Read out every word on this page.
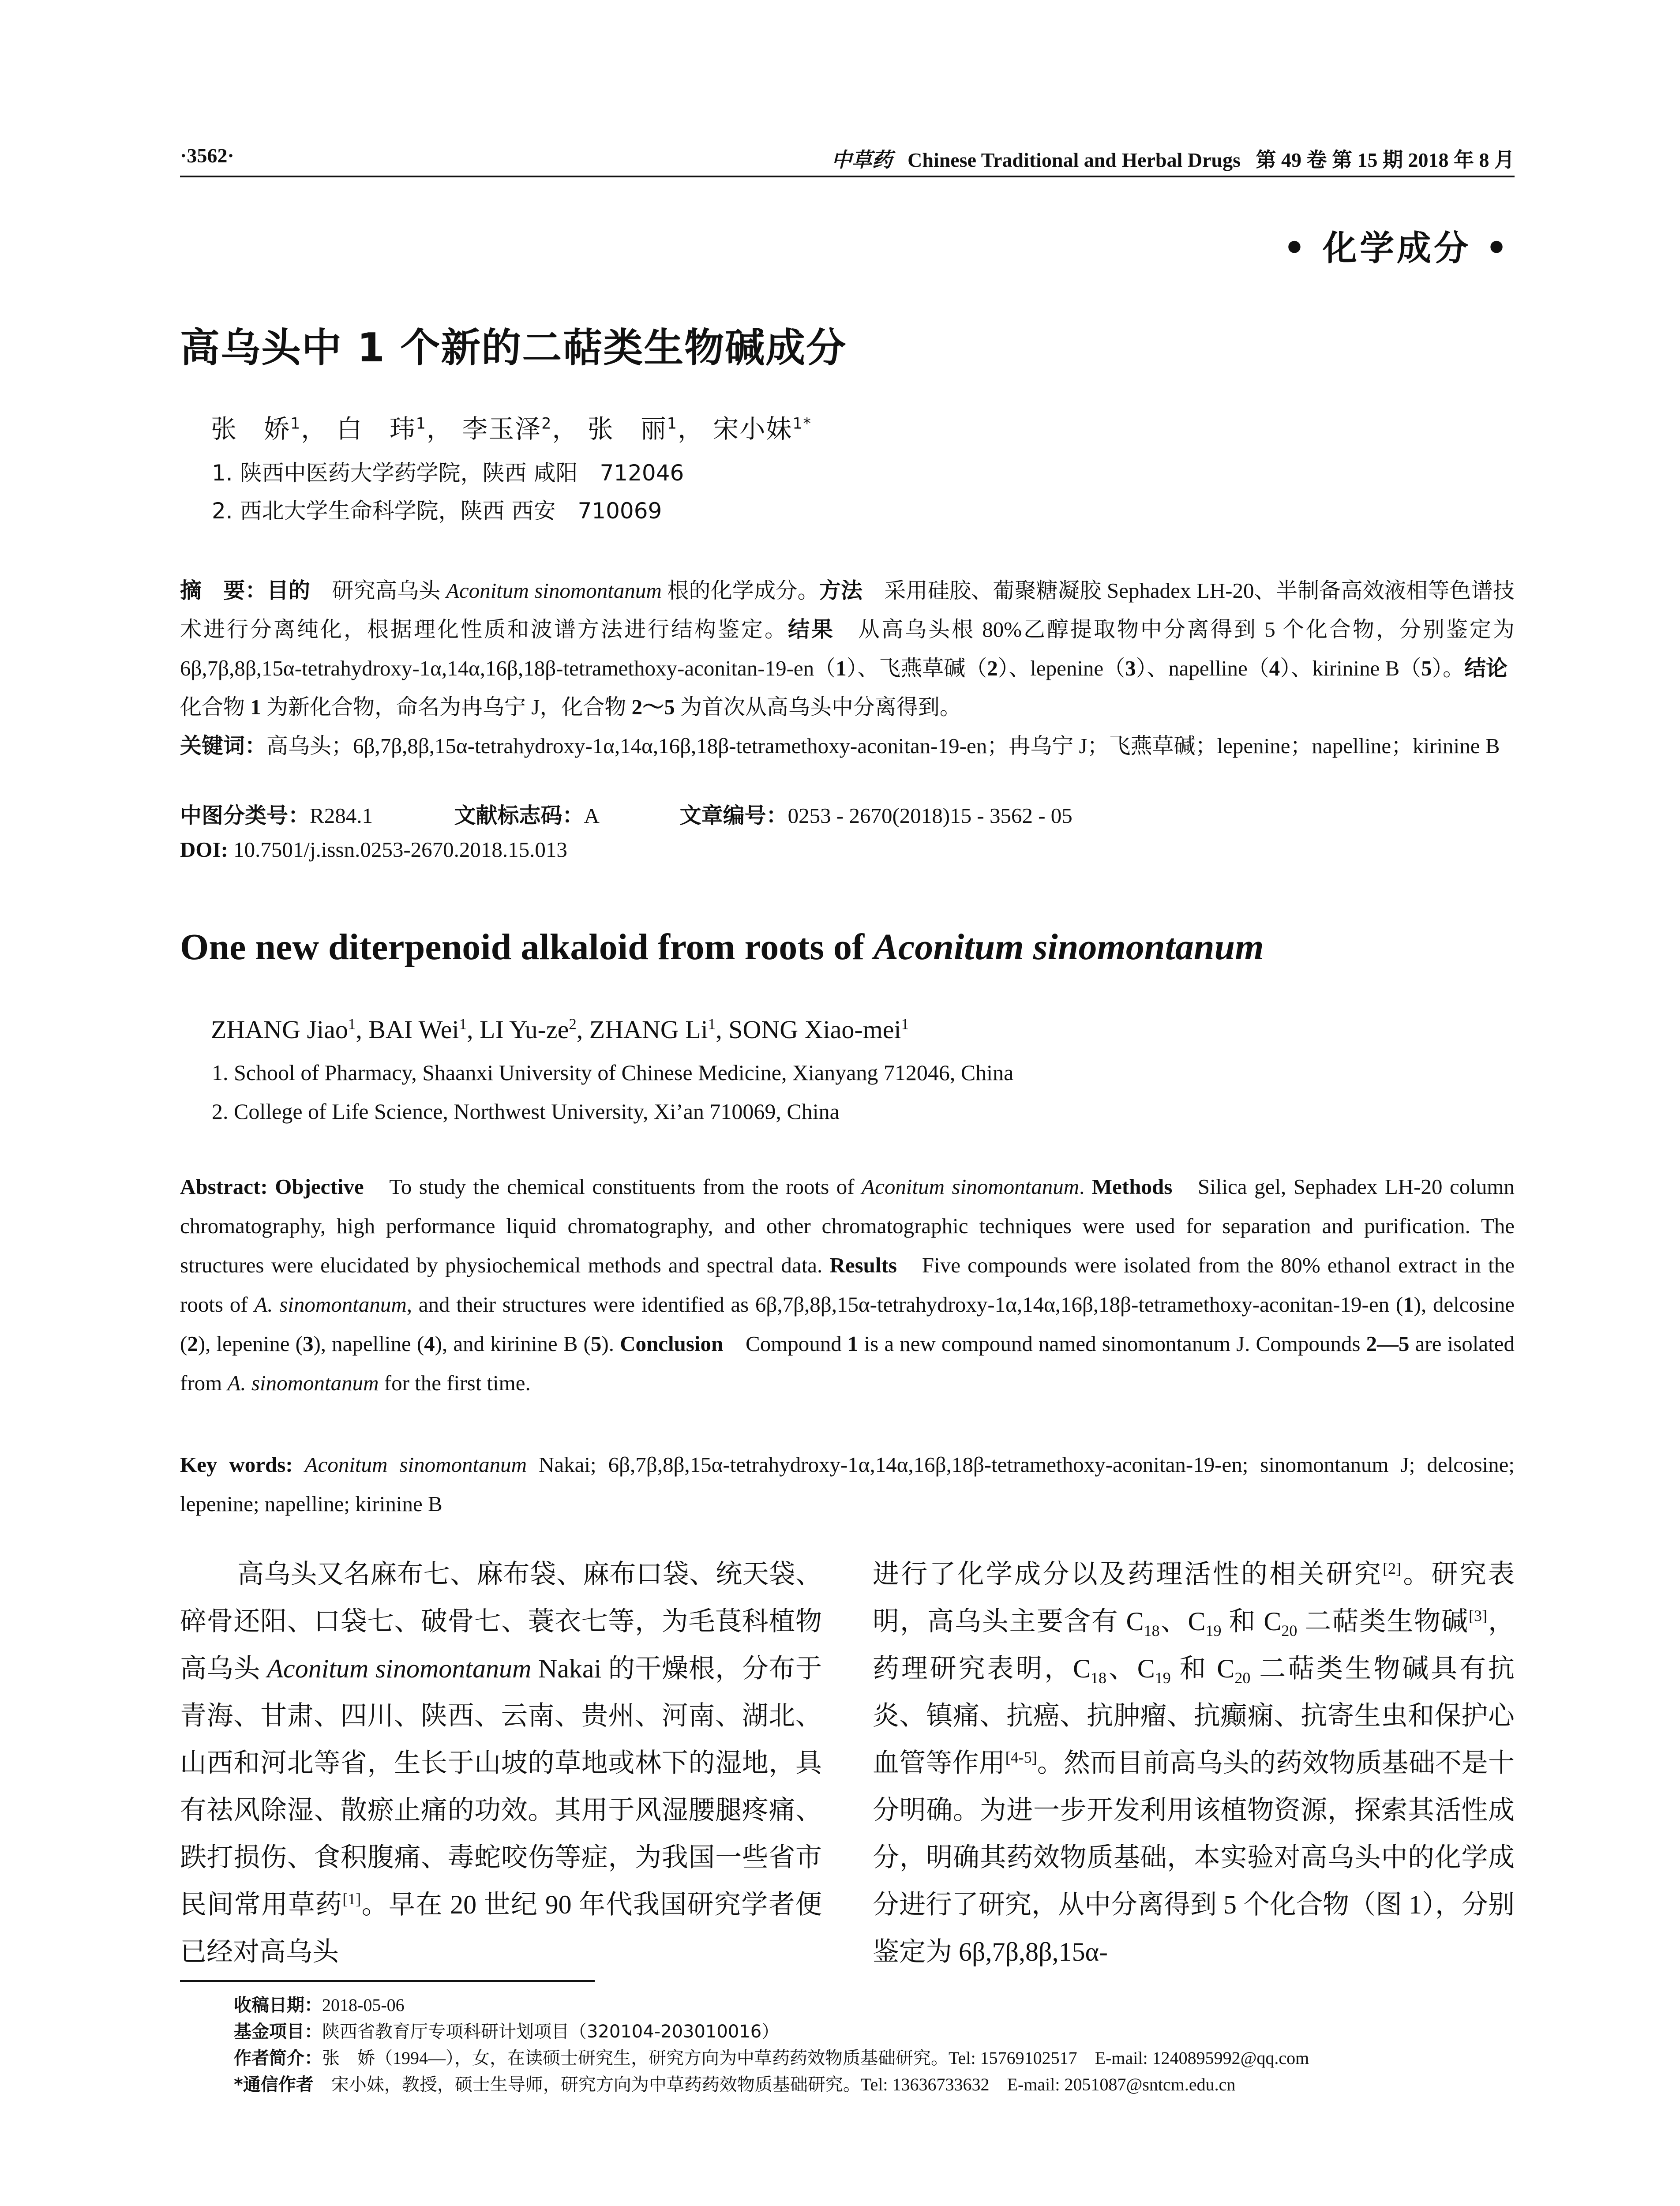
·3562·	中草药 Chinese Traditional and Herbal Drugs 第 49 卷 第 15 期 2018 年 8 月
• 化学成分 •
高乌头中 1 个新的二萜类生物碱成分
张　娇$^1$， 白　玮$^1$， 李玉泽$^2$， 张　丽$^1$， 宋小妹$^{1*}$
1. 陕西中医药大学药学院，陕西 咸阳　712046
2. 西北大学生命科学院，陕西 西安　710069
摘　要：目的　研究高乌头 Aconitum sinomontanum 根的化学成分。方法　采用硅胶、葡聚糖凝胶 Sephadex LH-20、半制备高效液相等色谱技术进行分离纯化，根据理化性质和波谱方法进行结构鉴定。结果　从高乌头根 80%乙醇提取物中分离得到 5 个化合物，分别鉴定为 6β,7β,8β,15α-tetrahydroxy-1α,14α,16β,18β-tetramethoxy-aconitan-19-en（1）、飞燕草碱（2）、lepenine（3）、napelline（4）、kirinine B（5）。结论　化合物 1 为新化合物，命名为冉乌宁 J，化合物 2～5 为首次从高乌头中分离得到。
关键词：高乌头；6β,7β,8β,15α-tetrahydroxy-1α,14α,16β,18β-tetramethoxy-aconitan-19-en；冉乌宁 J；飞燕草碱；lepenine；napelline；kirinine B
中图分类号：R284.1	文献标志码：A	文章编号：0253 - 2670(2018)15 - 3562 - 05
DOI: 10.7501/j.issn.0253-2670.2018.15.013
One new diterpenoid alkaloid from roots of Aconitum sinomontanum
ZHANG Jiao$^1$, BAI Wei$^1$, LI $Yu-ze^2$, ZHANG Li$^1$, SONG Xiao-mei$^1$
1. School of Pharmacy, Shaanxi University of Chinese Medicine, Xianyang 712046, China
2. College of Life Science, Northwest University, Xi’an 710069, China
Abstract: Objective　To study the chemical constituents from the roots of Aconitum sinomontanum. Methods　Silica gel, Sephadex LH-20 column chromatography, high performance liquid chromatography, and other chromatographic techniques were used for separation and purification. The structures were elucidated by physiochemical methods and spectral data. Results　Five compounds were isolated from the 80% ethanol extract in the roots of A. sinomontanum, and their structures were identified as 6β,7β,8β,15α-tetrahydroxy-1α,14α,16β,18β-tetramethoxy-aconitan-19-en (1), delcosine (2), lepenine (3), napelline (4), and kirinine B (5). Conclusion　Compound 1 is a new compound named sinomontanum J. Compounds 2—5 are isolated from A. sinomontanum for the first time.
Key words: Aconitum sinomontanum Nakai; 6β,7β,8β,15α-tetrahydroxy-1α,14α,16β,18β-tetramethoxy-aconitan-19-en; sinomontanum J; delcosine; lepenine; napelline; kirinine B
高乌头又名麻布七、麻布袋、麻布口袋、统天袋、碎骨还阳、口袋七、破骨七、蓑衣七等，为毛茛科植物高乌头 Aconitum sinomontanum Nakai 的干燥根，分布于青海、甘肃、四川、陕西、云南、贵州、河南、湖北、山西和河北等省，生长于山坡的草地或林下的湿地，具有祛风除湿、散瘀止痛的功效。其用于风湿腰腿疼痛、跌打损伤、食积腹痛、毒蛇咬伤等症，为我国一些省市民间常用草药[1]。早在 20 世纪 90 年代我国研究学者便已经对高乌头
进行了化学成分以及药理活性的相关研究[2]。研究表明，高乌头主要含有 $C_{18}$、$C_{19}$ 和 $C_{20}$ 二萜类生物碱[3]，药理研究表明，$C_{18}$、$C_{19}$ 和 $C_{20}$ 二萜类生物碱具有抗炎、镇痛、抗癌、抗肿瘤、抗癫痫、抗寄生虫和保护心血管等作用[4-5]。然而目前高乌头的药效物质基础不是十分明确。为进一步开发利用该植物资源，探索其活性成分，明确其药效物质基础，本实验对高乌头中的化学成分进行了研究，从中分离得到 5 个化合物（图 1），分别鉴定为 6β,7β,8β,15α-
收稿日期：2018-05-06
基金项目：陕西省教育厅专项科研计划项目（320104-203010016）
作者简介：张　娇（1994—），女，在读硕士研究生，研究方向为中草药药效物质基础研究。Tel: 15769102517　E-mail: 1240895992@qq.com
*通信作者　宋小妹，教授，硕士生导师，研究方向为中草药药效物质基础研究。Tel: 13636733632　E-mail: 2051087@sntcm.edu.cn
